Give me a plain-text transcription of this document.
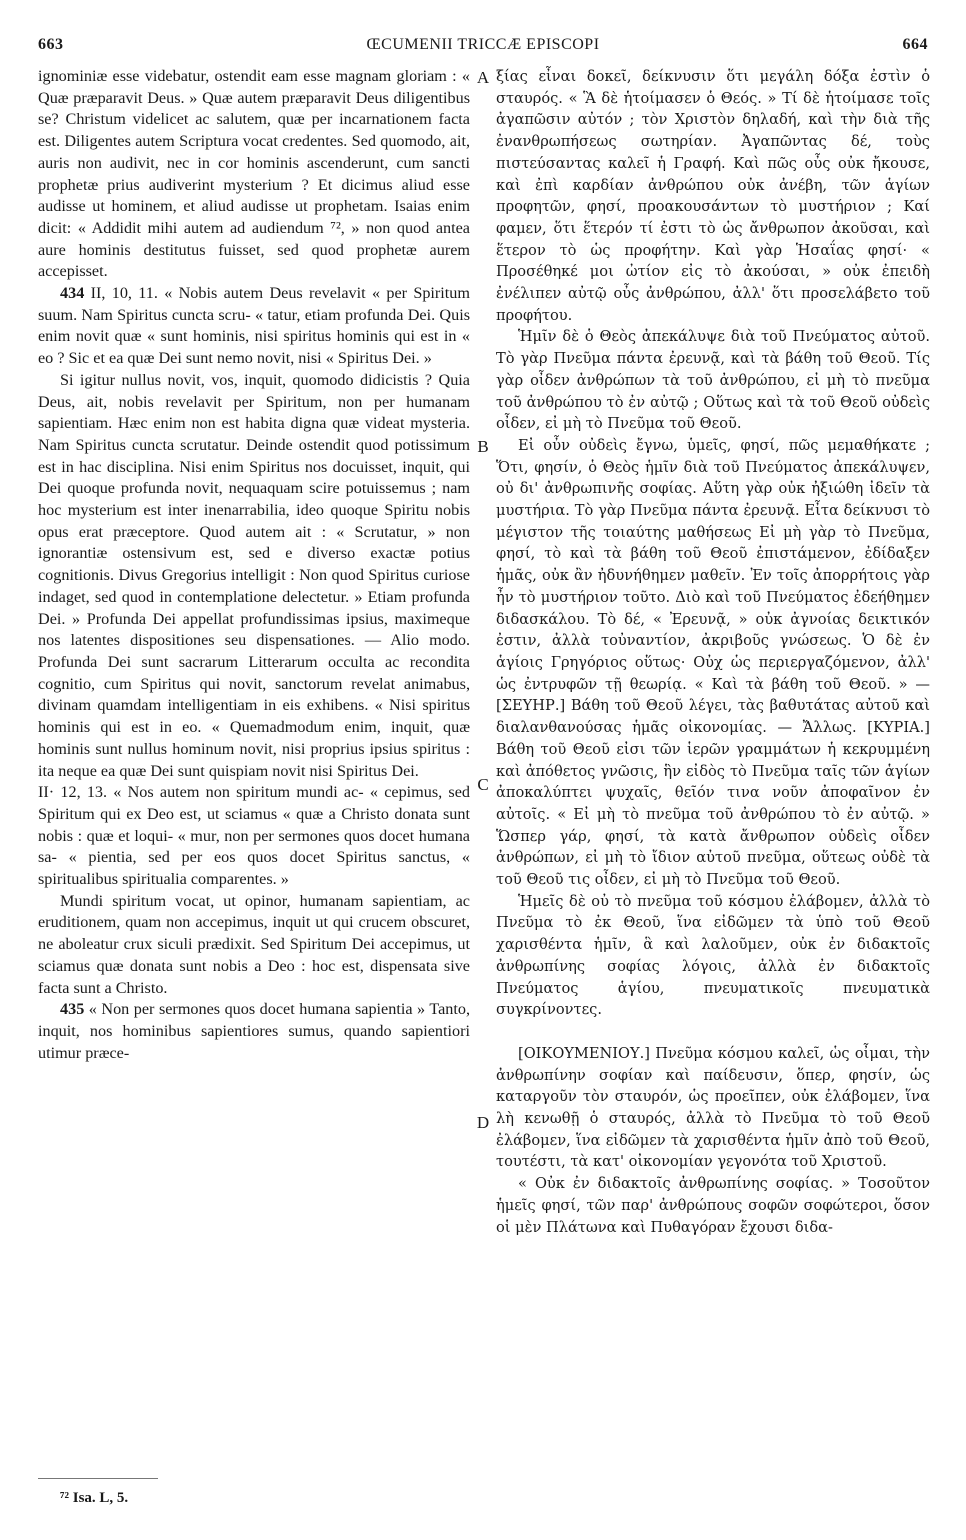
663	ŒCUMENII TRICCÆ EPISCOPI	664

ignominiæ esse videbatur, ostendit eam esse magnam gloriam : « Quæ præparavit Deus. » Quæ autem præparavit Deus diligentibus se? Christum videlicet ac salutem, quæ per incarnationem facta est. Diligentes autem Scriptura vocat credentes. Sed quomodo, ait, auris non audivit, nec in cor hominis ascenderunt, cum sancti prophetæ prius audiverint mysterium ? Et dicimus aliud esse audisse ut hominem, et aliud audisse ut prophetam. Isaias enim dicit: « Addidit mihi autem ad audiendum ⁷², » non quod antea aure hominis destitutus fuisset, sed quod prophetæ aurem accepisset.

434 II, 10, 11. « Nobis autem Deus revelavit « per Spiritum suum. Nam Spiritus cuncta scru- « tatur, etiam profunda Dei. Quis enim novit quæ « sunt hominis, nisi spiritus hominis qui est in « eo ? Sic et ea quæ Dei sunt nemo novit, nisi « Spiritus Dei. »

Si igitur nullus novit, vos, inquit, quomodo didicistis ? Quia Deus, ait, nobis revelavit per Spiritum, non per humanam sapientiam. Hæc enim non est habita digna quæ videat mysteria. Nam Spiritus cuncta scrutatur. Deinde ostendit quod potissimum est in hac disciplina. Nisi enim Spiritus nos docuisset, inquit, qui Dei quoque profunda novit, nequaquam scire potuissemus ; nam hoc mysterium est inter inenarrabilia, ideo quoque Spiritu nobis opus erat præceptore. Quod autem ait : « Scrutatur, » non ignorantiæ ostensivum est, sed e diverso exactæ potius cognitionis. Divus Gregorius intelligit : Non quod Spiritus curiose indaget, sed quod in contemplatione delectetur. » Etiam profunda Dei. » Profunda Dei appellat profundissimas ipsius, maximeque nos latentes dispositiones seu dispensationes. — Alio modo. Profunda Dei sunt sacrarum Litterarum occulta ac recondita cognitio, cum Spiritus qui novit, sanctorum revelat animabus, divinam quamdam intelligentiam in eis exhibens. « Nisi spiritus hominis qui est in eo. « Quemadmodum enim, inquit, quæ hominis sunt nullus hominum novit, nisi proprius ipsius spiritus : ita neque ea quæ Dei sunt quispiam novit nisi Spiritus Dei.

II· 12, 13. « Nos autem non spiritum mundi ac- « cepimus, sed Spiritum qui ex Deo est, ut sciamus « quæ a Christo donata sunt nobis : quæ et loqui- « mur, non per sermones quos docet humana sa- « pientia, sed per eos quos docet Spiritus sanctus, « spiritualibus spiritualia comparentes. »

Mundi spiritum vocat, ut opinor, humanam sapientiam, ac eruditionem, quam non accepimus, inquit ut qui crucem obscuret, ne aboleatur crux siculi prædixit. Sed Spiritum Dei accepimus, ut sciamus quæ donata sunt nobis a Deo : hoc est, dispensata sive facta sunt a Christo.

435 « Non per sermones quos docet humana sapientia » Tanto, inquit, nos hominibus sapientiores sumus, quando sapientiori utimur præce-

A
B
C
D

ξίας εἶναι δοκεῖ, δείκνυσιν ὅτι μεγάλη δόξα ἐστὶν ὁ σταυρός. « Ἃ δὲ ἡτοίμασεν ὁ Θεός. » Τί δὲ ἡτοίμασε τοῖς ἀγαπῶσιν αὐτόν ; τὸν Χριστὸν δηλαδή, καὶ τὴν διὰ τῆς ἐνανθρωπήσεως σωτηρίαν. Ἀγαπῶντας δέ, τοὺς πιστεύσαντας καλεῖ ἡ Γραφή. Καὶ πῶς οὖς οὐκ ἤκουσε, καὶ ἐπὶ καρδίαν ἀνθρώπου οὐκ ἀνέβη, τῶν ἁγίων προφητῶν, φησί, προακουσάντων τὸ μυστήριον ; Καί φαμεν, ὅτι ἕτερόν τί ἐστι τὸ ὡς ἄνθρωπον ἀκοῦσαι, καὶ ἕτερον τὸ ὡς προφήτην. Καὶ γὰρ Ἡσαΐας φησί· « Προσέθηκέ μοι ὠτίον εἰς τὸ ἀκούσαι, » οὐκ ἐπειδὴ ἐνέλιπεν αὐτῷ οὖς ἀνθρώπου, ἀλλ' ὅτι προσελάβετο τοῦ προφήτου.

Ἡμῖν δὲ ὁ Θεὸς ἀπεκάλυψε διὰ τοῦ Πνεύματος αὐτοῦ. Τὸ γὰρ Πνεῦμα πάντα ἐρευνᾷ, καὶ τὰ βάθη τοῦ Θεοῦ. Τίς γὰρ οἶδεν ἀνθρώπων τὰ τοῦ ἀνθρώπου, εἰ μὴ τὸ πνεῦμα τοῦ ἀνθρώπου τὸ ἐν αὐτῷ ; Οὕτως καὶ τὰ τοῦ Θεοῦ οὐδεὶς οἶδεν, εἰ μὴ τὸ Πνεῦμα τοῦ Θεοῦ.

Εἰ οὖν οὐδεὶς ἔγνω, ὑμεῖς, φησί, πῶς μεμαθήκατε ; Ὅτι, φησίν, ὁ Θεὸς ἡμῖν διὰ τοῦ Πνεύματος ἀπεκάλυψεν, οὐ δι' ἀνθρωπινῆς σοφίας. Αὕτη γὰρ οὐκ ἠξιώθη ἰδεῖν τὰ μυστήρια. Τὸ γὰρ Πνεῦμα πάντα ἐρευνᾷ. Εἶτα δείκνυσι τὸ μέγιστον τῆς τοιαύτης μαθήσεως Εἰ μὴ γὰρ τὸ Πνεῦμα, φησί, τὸ καὶ τὰ βάθη τοῦ Θεοῦ ἐπιστάμενον, ἐδίδαξεν ἡμᾶς, οὐκ ἂν ἠδυνήθημεν μαθεῖν. Ἐν τοῖς ἀπορρήτοις γὰρ ἦν τὸ μυστήριον τοῦτο. Διὸ καὶ τοῦ Πνεύματος ἐδεήθημεν διδασκάλου. Τὸ δέ, « Ἐρευνᾷ, » οὐκ ἀγνοίας δεικτικόν ἐστιν, ἀλλὰ τοὐναντίον, ἀκριβοῦς γνώσεως. Ὁ δὲ ἐν ἁγίοις Γρηγόριος οὕτως· Οὐχ ὡς περιεργαζόμενον, ἀλλ' ὡς ἐντρυφῶν τῇ θεωρίᾳ. « Καὶ τὰ βάθη τοῦ Θεοῦ. » — [ΣΕΥΗΡ.] Βάθη τοῦ Θεοῦ λέγει, τὰς βαθυτάτας αὐτοῦ καὶ διαλανθανούσας ἡμᾶς οἰκονομίας. — Ἄλλως. [ΚΥΡΙΑ.] Βάθη τοῦ Θεοῦ εἰσι τῶν ἱερῶν γραμμάτων ἡ κεκρυμμένη καὶ ἀπόθετος γνῶσις, ἣν εἰδὸς τὸ Πνεῦμα ταῖς τῶν ἁγίων ἀποκαλύπτει ψυχαῖς, θεῖόν τινα νοῦν ἀποφαῖνον ἐν αὐτοῖς. « Εἰ μὴ τὸ πνεῦμα τοῦ ἀνθρώπου τὸ ἐν αὐτῷ. » Ὥσπερ γάρ, φησί, τὰ κατὰ ἄνθρωπον οὐδεὶς οἶδεν ἀνθρώπων, εἰ μὴ τὸ ἴδιον αὐτοῦ πνεῦμα, οὕτεως οὐδὲ τὰ τοῦ Θεοῦ τις οἶδεν, εἰ μὴ τὸ Πνεῦμα τοῦ Θεοῦ.

Ἡμεῖς δὲ οὐ τὸ πνεῦμα τοῦ κόσμου ἐλάβομεν, ἀλλὰ τὸ Πνεῦμα τὸ ἐκ Θεοῦ, ἵνα εἰδῶμεν τὰ ὑπὸ τοῦ Θεοῦ χαρισθέντα ἡμῖν, ἃ καὶ λαλοῦμεν, οὐκ ἐν διδακτοῖς ἀνθρωπίνης σοφίας λόγοις, ἀλλὰ ἐν διδακτοῖς Πνεύματος ἁγίου, πνευματικοῖς πνευματικὰ συγκρίνοντες.

[ΟΙΚΟΥΜΕΝΙΟΥ.] Πνεῦμα κόσμου καλεῖ, ὡς οἶμαι, τὴν ἀνθρωπίνην σοφίαν καὶ παίδευσιν, ὅπερ, φησίν, ὡς καταργοῦν τὸν σταυρόν, ὡς προεῖπεν, οὐκ ἐλάβομεν, ἵνα λὴ κενωθῇ ὁ σταυρός, ἀλλὰ τὸ Πνεῦμα τὸ τοῦ Θεοῦ ἐλάβομεν, ἵνα εἰδῶμεν τὰ χαρισθέντα ἡμῖν ἀπὸ τοῦ Θεοῦ, τουτέστι, τὰ κατ' οἰκονομίαν γεγονότα τοῦ Χριστοῦ.

« Οὐκ ἐν διδακτοῖς ἀνθρωπίνης σοφίας. » Τοσοῦτον ἡμεῖς φησί, τῶν παρ' ἀνθρώπους σοφῶν σοφώτεροι, ὅσον οἱ μὲν Πλάτωνα καὶ Πυθαγόραν ἔχουσι διδα-

⁷² Isa. L, 5.
